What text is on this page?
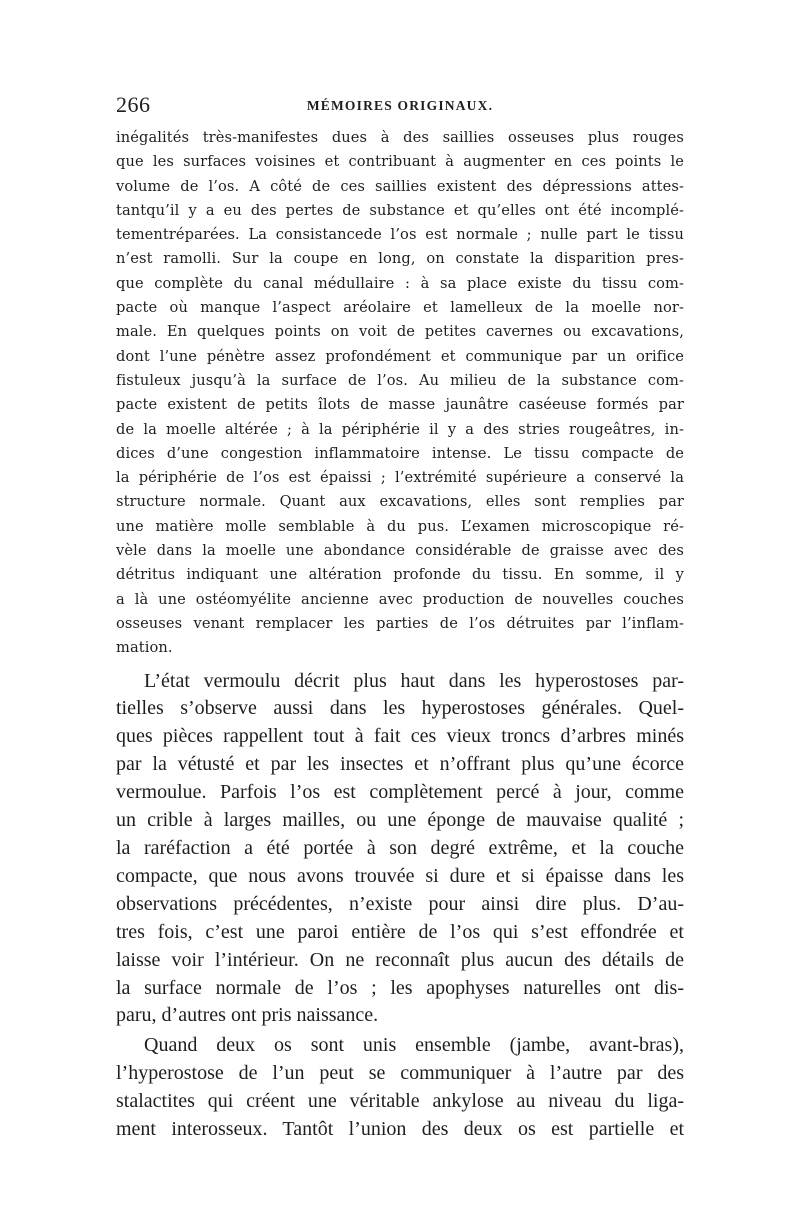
266	MÉMOIRES ORIGINAUX.
inégalités très-manifestes dues à des saillies osseuses plus rouges
que les surfaces voisines et contribuant à augmenter en ces points le
volume de l’os. A côté de ces saillies existent des dépressions attes-
tantqu’il y a eu des pertes de substance et qu’elles ont été incomplé-
tementréparées. La consistancede l’os est normale ; nulle part le tissu
n’est ramolli. Sur la coupe en long, on constate la disparition pres-
que complète du canal médullaire : à sa place existe du tissu com-
pacte où manque l’aspect aréolaire et lamelleux de la moelle nor-
male. En quelques points on voit de petites cavernes ou excavations,
dont l’une pénètre assez profondément et communique par un orifice
fistuleux jusqu’à la surface de l’os. Au milieu de la substance com-
pacte existent de petits îlots de masse jaunâtre caséeuse formés par
de la moelle altérée ; à la périphérie il y a des stries rougeâtres, in-
dices d’une congestion inflammatoire intense. Le tissu compacte de
la périphérie de l’os est épaissi ; l’extrémité supérieure a conservé la
structure normale. Quant aux excavations, elles sont remplies par
une matière molle semblable à du pus. L’examen microscopique ré-
vèle dans la moelle une abondance considérable de graisse avec des
détritus indiquant une altération profonde du tissu. En somme, il y
a là une ostéomyélite ancienne avec production de nouvelles couches
osseuses venant remplacer les parties de l’os détruites par l’inflam-
mation.
L’état vermoulu décrit plus haut dans les hyperostoses par-
tielles s’observe aussi dans les hyperostoses générales. Quel-
ques pièces rappellent tout à fait ces vieux troncs d’arbres minés
par la vétusté et par les insectes et n’offrant plus qu’une écorce
vermoulue. Parfois l’os est complètement percé à jour, comme
un crible à larges mailles, ou une éponge de mauvaise qualité ;
la raréfaction a été portée à son degré extrême, et la couche
compacte, que nous avons trouvée si dure et si épaisse dans les
observations précédentes, n’existe pour ainsi dire plus. D’au-
tres fois, c’est une paroi entière de l’os qui s’est effondrée et
laisse voir l’intérieur. On ne reconnaît plus aucun des détails de
la surface normale de l’os ; les apophyses naturelles ont dis-
paru, d’autres ont pris naissance.
Quand deux os sont unis ensemble (jambe, avant-bras),
l’hyperostose de l’un peut se communiquer à l’autre par des
stalactites qui créent une véritable ankylose au niveau du liga-
ment interosseux. Tantôt l’union des deux os est partielle et
